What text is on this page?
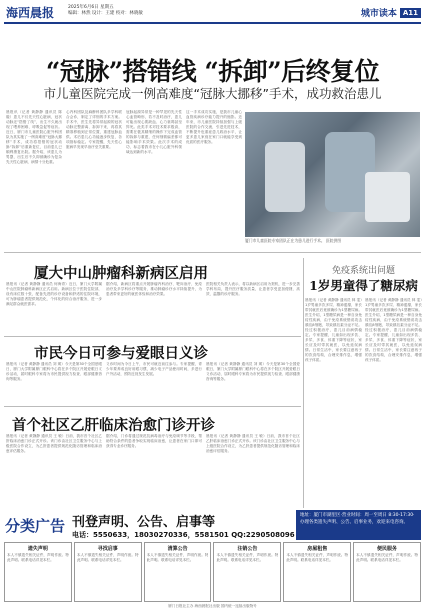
海西晨报	2025年6月6日 星期五
编辑：林然 设计：王建 校对：林晓敏	城市读本 A11
“冠脉”搭错线 “拆卸”后终复位
市儿童医院完成一例高难度“冠脉大挪移”手术，成功救治患儿
晨报讯（记者 黄静静 通讯员 陈 璇）患儿不仅先天性心脏病，冠状动脉还“搭错了线”，出生不久就出现了喂养困难、呼吸急促等症状。近日，厦门市儿童医院心脏外科团队为其实施了一例高难度“冠脉大挪移”手术，成功将搭错的冠状动脉“拆卸”后重新复位，目前患儿已顺利康复出院。据介绍，该患儿为男婴，出生后不久即被确诊为复杂先天性心脏病，病情十分危重。
心内科团队及麻醉科团队多学科联合会诊，制定了详细的手术方案。手术中，医生先将异常起源的冠状动脉完整游离、拆卸下来，再将其精准移植到正常位置，重建冠脉血供。术后患儿心功能逐步恢复，各项指标稳定。专家提醒，先天性心脏病早发现早治疗至关重要。
冠脉起源异常是一种罕见的先天性心血管畸形，若不及时治疗，患儿可能出现心肌缺血、心力衰竭甚至猝死。此类手术对技术要求极高，需要在极其精细的操作下完成血管的拆卸与重建，任何细微偏差都可能影响手术效果。此次手术的成功，标志着我市在小儿心脏外科领域达到新的水平。
这一手术成功实施，是我市儿童心血管疾病诊疗能力提升的缩影。近年来，市儿童医院持续加强与上级医院的合作交流，引进先进技术，不断提升危重症患儿救治水平，让更多患儿家庭在家门口就能享受到优质的医疗服务。
厦门市儿童医院专家团队正在为患儿进行手术。 医院供图
厦大中山肿瘤科新病区启用
晨报讯（记者 黄静静 通讯员 何海青）近日，厦门大学附属中山医院肿瘤科新病区正式启用。新病区位于医院住院部，设有床位数十张，配备先进的诊疗设备和舒适的住院环境，可为肿瘤患者提供规范化、个体化的综合治疗服务，进一步满足群众就医需求。
据介绍，新病区将重点开展肿瘤内科治疗、靶向治疗、免疫治疗及多学科诊疗等服务，推动肿瘤诊疗水平持续提升，为患者带来更好的就医体验和治疗效果。
医院相关负责人表示，将以新病区启用为契机，进一步完善学科布局，提升医疗服务质量，让患者享受更加便捷、高效、温馨的诊疗服务。
市民今日可参与爱眼日义诊
晨报讯（记者 黄静静 通讯员 刘 瑛）今天是第30个全国爱眼日，厦门大学附属厦门眼科中心将在多个院区开展爱眼日义诊活动，届时眼科专家将为市民提供视力检查、眼部健康咨询等服务。
义诊时间为今日上午，市民可就近前往参与。专家提醒，青少年要养成良好用眼习惯，减少电子产品使用时间，多进行户外活动，预防近视发生发展。
晨报讯（记者 黄静静 通讯员 刘 瑛）今天是第30个全国爱眼日，厦门大学附属厦门眼科中心将在多个院区开展爱眼日义诊活动，届时眼科专家将为市民提供视力检查、眼部健康咨询等服务。
首个社区乙肝临床治愈门诊开诊
晨报讯（记者 黄静静 通讯员 王 敏）日前，我市首个社区乙肝临床治愈门诊正式开诊。该门诊由社区卫生服务中心与上级医院合作设立，为乙肝患者提供规范化随访管理和临床治愈评估服务。
据介绍，门诊将通过规范抗病毒治疗与免疫调节等手段，帮助符合条件的患者争取实现临床治愈，让患者在家门口即可获得专业诊疗服务。
晨报讯（记者 黄静静 通讯员 王 敏）日前，我市首个社区乙肝临床治愈门诊正式开诊。该门诊由社区卫生服务中心与上级医院合作设立，为乙肝患者提供规范化随访管理和临床治愈评估服务。
免疫系统出问题
1岁男童得了糖尿病
晨报讯（记者 黄静静 通讯员 林 雯）1岁男童多饮多尿、精神萎靡，家长带其就医后竟被确诊为1型糖尿病。医生介绍，1型糖尿病是一种自身免疫性疾病，由于免疫系统错误攻击胰岛β细胞，导致胰岛素分泌不足。经过积极治疗，患儿目前病情稳定。专家提醒，儿童如出现多饮、多尿、多食、体重下降等症状，家长应及时带其就医，以免延误病情。日常生活中，家长要注意孩子的饮食结构，合理安排作息，增强孩子体质。
晨报讯（记者 黄静静 通讯员 林 雯）1岁男童多饮多尿、精神萎靡，家长带其就医后竟被确诊为1型糖尿病。医生介绍，1型糖尿病是一种自身免疫性疾病，由于免疫系统错误攻击胰岛β细胞，导致胰岛素分泌不足。经过积极治疗，患儿目前病情稳定。专家提醒，儿童如出现多饮、多尿、多食、体重下降等症状，家长应及时带其就医，以免延误病情。日常生活中，家长要注意孩子的饮食结构，合理安排作息，增强孩子体质。
分类广告 刊登声明、公告、启事等
电话：5550633，18030270336，5581501 QQ:2290508096
地址：厦门市湖里区·营业时间：周一至周日 8:30-17:30·办理各类遗失声明、公告、启事业务，欢迎来电咨询。
遗失声明
本人不慎遗失相关证件，声明作废。特此声明。联系电话详见本栏。
寻找启事
本人不慎遗失相关证件，声明作废。特此声明。联系电话详见本栏。
清算公告
本人不慎遗失相关证件，声明作废。特此声明。联系电话详见本栏。
注销公告
本人不慎遗失相关证件，声明作废。特此声明。联系电话详见本栏。
房屋租售
本人不慎遗失相关证件，声明作废。特此声明。联系电话详见本栏。
便民服务
本人不慎遗失相关证件，声明作废。特此声明。联系电话详见本栏。
厦门日报社主办 海西晨报社出版 国内统一连续出版物号
